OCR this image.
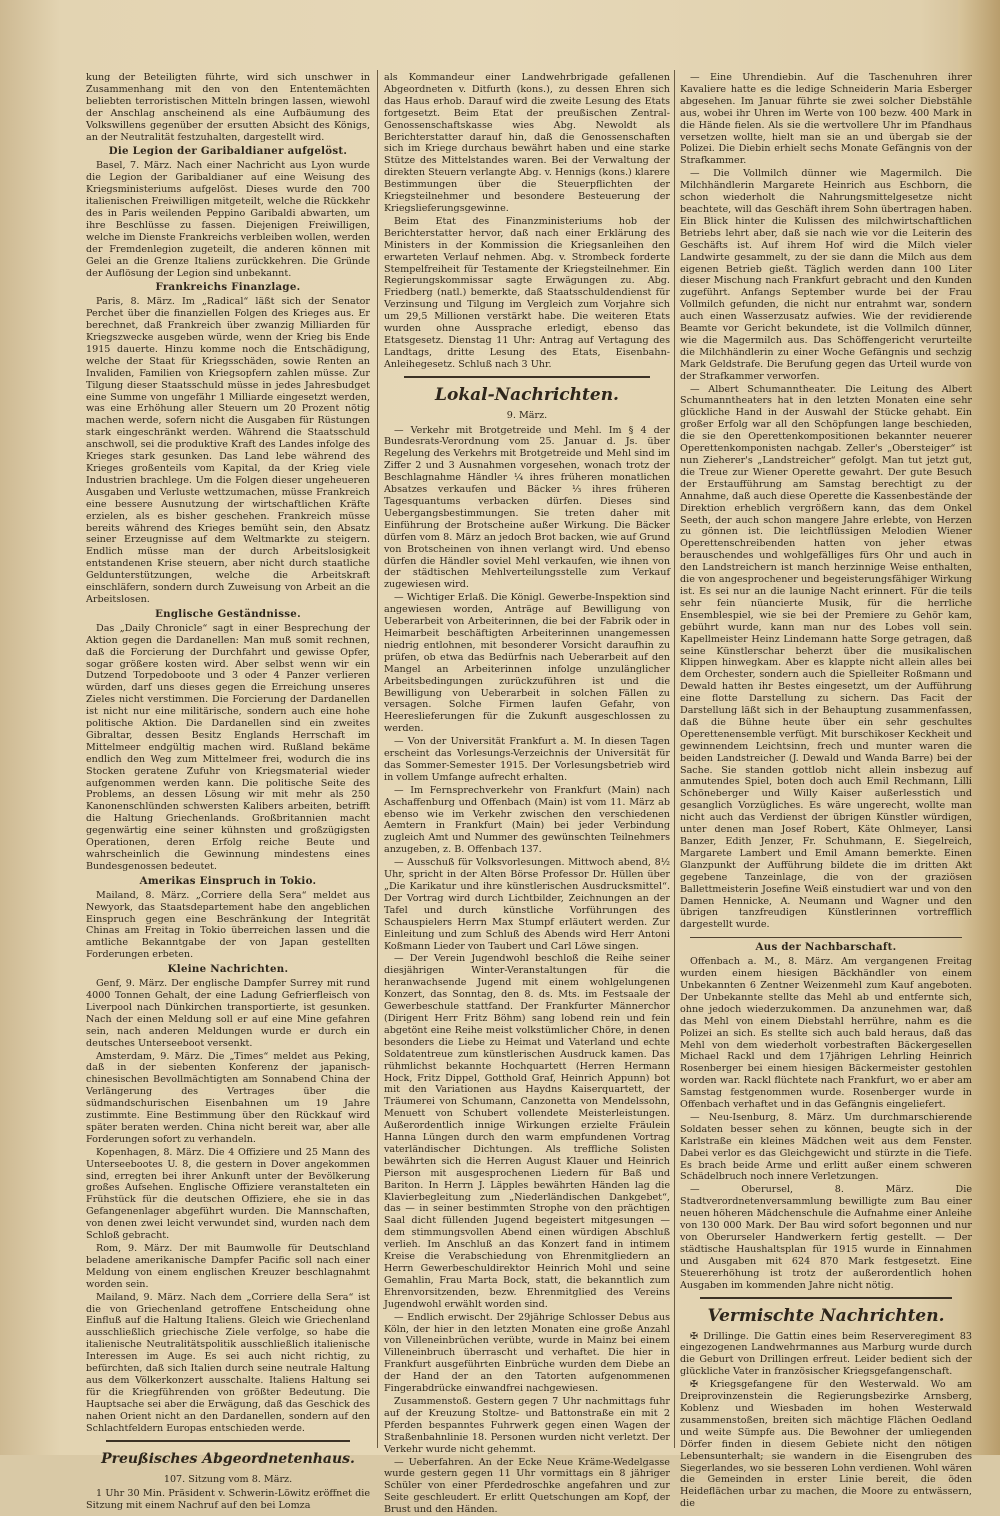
kung der Beteiligten führte, wird sich unschwer in Zusammenhang mit den von den Ententemächten beliebten terroristischen Mitteln bringen lassen, wiewohl der Anschlag anscheinend als eine Aufbäumung des Volkswillens gegenüber der ersutten Absicht des Königs, an der Neutralität festzuhalten, dargestellt wird.

Die Legion der Garibaldianer aufgelöst.

Basel, 7. März. Nach einer Nachricht aus Lyon wurde die Legion der Garibaldianer auf eine Weisung des Kriegsministeriums aufgelöst. Dieses wurde den 700 italienischen Freiwilligen mitgeteilt, welche die Rückkehr des in Paris weilenden Peppino Garibaldi abwarten, um ihre Beschlüsse zu fassen. Diejenigen Freiwilligen, welche im Dienste Frankreichs verbleiben wollen, werden der Fremdenlegion zugeteilt, die anderen können mit Gelei an die Grenze Italiens zurückkehren. Die Gründe der Auflösung der Legion sind unbekannt.

Frankreichs Finanzlage.

Paris, 8. März. Im „Radical“ läßt sich der Senator Perchet über die finanziellen Folgen des Krieges aus. Er berechnet, daß Frankreich über zwanzig Milliarden für Kriegszwecke ausgeben würde, wenn der Krieg bis Ende 1915 dauerte. Hinzu komme noch die Entschädigung, welche der Staat für Kriegsschäden, sowie Renten an Invaliden, Familien von Kriegsopfern zahlen müsse. Zur Tilgung dieser Staatsschuld müsse in jedes Jahresbudget eine Summe von ungefähr 1 Milliarde eingesetzt werden, was eine Erhöhung aller Steuern um 20 Prozent nötig machen werde, sofern nicht die Ausgaben für Rüstungen stark eingeschränkt werden. Während die Staatsschuld anschwoll, sei die produktive Kraft des Landes infolge des Krieges stark gesunken. Das Land lebe während des Krieges großenteils vom Kapital, da der Krieg viele Industrien brachlege. Um die Folgen dieser ungeheueren Ausgaben und Verluste wettzumachen, müsse Frankreich eine bessere Ausnutzung der wirtschaftlichen Kräfte erzielen, als es bisher geschehen. Frankreich müsse bereits während des Krieges bemüht sein, den Absatz seiner Erzeugnisse auf dem Weltmarkte zu steigern. Endlich müsse man der durch Arbeitslosigkeit entstandenen Krise steuern, aber nicht durch staatliche Geldunterstützungen, welche die Arbeitskraft einschläfern, sondern durch Zuweisung von Arbeit an die Arbeitslosen.

Englische Geständnisse.

Das „Daily Chronicle“ sagt in einer Besprechung der Aktion gegen die Dardanellen: Man muß somit rechnen, daß die Forcierung der Durchfahrt und gewisse Opfer, sogar größere kosten wird. Aber selbst wenn wir ein Dutzend Torpedoboote und 3 oder 4 Panzer verlieren würden, darf uns dieses gegen die Erreichung unseres Zieles nicht verstimmen. Die Forcierung der Dardanellen ist nicht nur eine militärische, sondern auch eine hohe politische Aktion. Die Dardanellen sind ein zweites Gibraltar, dessen Besitz Englands Herrschaft im Mittelmeer endgültig machen wird. Rußland bekäme endlich den Weg zum Mittelmeer frei, wodurch die ins Stocken geratene Zufuhr von Kriegsmaterial wieder aufgenommen werden kann. Die politische Seite des Problems, an dessen Lösung wir mit mehr als 250 Kanonenschlünden schwersten Kalibers arbeiten, betrifft die Haltung Griechenlands. Großbritannien macht gegenwärtig eine seiner kühnsten und großzügigsten Operationen, deren Erfolg reiche Beute und wahrscheinlich die Gewinnung mindestens eines Bundesgenossen bedeutet.

Amerikas Einspruch in Tokio.

Mailand, 8. März. „Corriere della Sera“ meldet aus Newyork, das Staatsdepartement habe den angeblichen Einspruch gegen eine Beschränkung der Integrität Chinas am Freitag in Tokio überreichen lassen und die amtliche Bekanntgabe der von Japan gestellten Forderungen erbeten.

Kleine Nachrichten.

Genf, 9. März. Der englische Dampfer Surrey mit rund 4000 Tonnen Gehalt, der eine Ladung Gefrierfleisch von Liverpool nach Dünkirchen transportierte, ist gesunken. Nach der einen Meldung soll er auf eine Mine gefahren sein, nach anderen Meldungen wurde er durch ein deutsches Unterseeboot versenkt.

Amsterdam, 9. März. Die „Times“ meldet aus Peking, daß in der siebenten Konferenz der japanisch-chinesischen Bevollmächtigten am Sonnabend China der Verlängerung des Vertrages über die südmandschurischen Eisenbahnen um 19 Jahre zustimmte. Eine Bestimmung über den Rückkauf wird später beraten werden. China nicht bereit war, aber alle Forderungen sofort zu verhandeln.

Kopenhagen, 8. März. Die 4 Offiziere und 25 Mann des Unterseebootes U. 8, die gestern in Dover angekommen sind, erregten bei ihrer Ankunft unter der Bevölkerung großes Aufsehen. Englische Offiziere veranstalteten ein Frühstück für die deutschen Offiziere, ehe sie in das Gefangenenlager abgeführt wurden. Die Mannschaften, von denen zwei leicht verwundet sind, wurden nach dem Schloß gebracht.

Rom, 9. März. Der mit Baumwolle für Deutschland beladene amerikanische Dampfer Pacific soll nach einer Meldung von einem englischen Kreuzer beschlagnahmt worden sein.

Mailand, 9. März. Nach dem „Corriere della Sera“ ist die von Griechenland getroffene Entscheidung ohne Einfluß auf die Haltung Italiens. Gleich wie Griechenland ausschließlich griechische Ziele verfolge, so habe die italienische Neutralitätspolitik ausschließlich italienische Interessen im Auge. Es sei auch nicht richtig, zu befürchten, daß sich Italien durch seine neutrale Haltung aus dem Völkerkonzert ausschalte. Italiens Haltung sei für die Kriegführenden von größter Bedeutung. Die Hauptsache sei aber die Erwägung, daß das Geschick des nahen Orient nicht an den Dardanellen, sondern auf den Schlachtfeldern Europas entschieden werde.

Preußisches Abgeordnetenhaus.
107. Sitzung vom 8. März.

1 Uhr 30 Min. Präsident v. Schwerin-Löwitz eröffnet die Sitzung mit einem Nachruf auf den bei Lomza

als Kommandeur einer Landwehrbrigade gefallenen Abgeordneten v. Ditfurth (kons.), zu dessen Ehren sich das Haus erhob. Darauf wird die zweite Lesung des Etats fortgesetzt. Beim Etat der preußischen Zentral-Genossenschaftskasse wies Abg. Newoldt als Berichterstatter darauf hin, daß die Genossenschaften sich im Kriege durchaus bewährt haben und eine starke Stütze des Mittelstandes waren. Bei der Verwaltung der direkten Steuern verlangte Abg. v. Hennigs (kons.) klarere Bestimmungen über die Steuerpflichten der Kriegsteilnehmer und besondere Besteuerung der Kriegslieferungsgewinne.

Beim Etat des Finanzministeriums hob der Berichterstatter hervor, daß nach einer Erklärung des Ministers in der Kommission die Kriegsanleihen den erwarteten Verlauf nehmen. Abg. v. Strombeck forderte Stempelfreiheit für Testamente der Kriegsteilnehmer. Ein Regierungskommissar sagte Erwägungen zu. Abg. Friedberg (natl.) bemerkte, daß Staatsschuldendienst für Verzinsung und Tilgung im Vergleich zum Vorjahre sich um 29,5 Millionen verstärkt habe. Die weiteren Etats wurden ohne Aussprache erledigt, ebenso das Etatsgesetz. Dienstag 11 Uhr: Antrag auf Vertagung des Landtags, dritte Lesung des Etats, Eisenbahn-Anleihegesetz. Schluß nach 3 Uhr.

Lokal-Nachrichten.
9. März.

— Verkehr mit Brotgetreide und Mehl. Im § 4 der Bundesrats-Verordnung vom 25. Januar d. Js. über Regelung des Verkehrs mit Brotgetreide und Mehl sind im Ziffer 2 und 3 Ausnahmen vorgesehen, wonach trotz der Beschlagnahme Händler ¼ ihres früheren monatlichen Absatzes verkaufen und Bäcker ⅓ ihres früheren Tagesquantums verbacken dürfen. Dieses sind Uebergangsbestimmungen. Sie treten daher mit Einführung der Brotscheine außer Wirkung. Die Bäcker dürfen vom 8. März an jedoch Brot backen, wie auf Grund von Brotscheinen von ihnen verlangt wird. Und ebenso dürfen die Händler soviel Mehl verkaufen, wie ihnen von der städtischen Mehlverteilungsstelle zum Verkauf zugewiesen wird.

— Wichtiger Erlaß. Die Königl. Gewerbe-Inspektion sind angewiesen worden, Anträge auf Bewilligung von Ueberarbeit von Arbeiterinnen, die bei der Fabrik oder in Heimarbeit beschäftigten Arbeiterinnen unangemessen niedrig entlohnen, mit besonderer Vorsicht daraufhin zu prüfen, ob etwa das Bedürfnis nach Ueberarbeit auf den Mangel an Arbeiterinnen infolge unzulänglicher Arbeitsbedingungen zurückzuführen ist und die Bewilligung von Ueberarbeit in solchen Fällen zu versagen. Solche Firmen laufen Gefahr, von Heereslieferungen für die Zukunft ausgeschlossen zu werden.

— Von der Universität Frankfurt a. M. In diesen Tagen erscheint das Vorlesungs-Verzeichnis der Universität für das Sommer-Semester 1915. Der Vorlesungsbetrieb wird in vollem Umfange aufrecht erhalten.

— Im Fernsprechverkehr von Frankfurt (Main) nach Aschaffenburg und Offenbach (Main) ist vom 11. März ab ebenso wie im Verkehr zwischen den verschiedenen Aemtern in Frankfurt (Main) bei jeder Verbindung zugleich Amt und Nummer des gewünschten Teilnehmers anzugeben, z. B. Offenbach 137.

— Ausschuß für Volksvorlesungen. Mittwoch abend, 8½ Uhr, spricht in der Alten Börse Professor Dr. Hüllen über „Die Karikatur und ihre künstlerischen Ausdrucksmittel“. Der Vortrag wird durch Lichtbilder, Zeichnungen an der Tafel und durch künstliche Vorführungen des Schauspielers Herrn Max Stumpf erläutert werden. Zur Einleitung und zum Schluß des Abends wird Herr Antoni Koßmann Lieder von Taubert und Carl Löwe singen.

— Der Verein Jugendwohl beschloß die Reihe seiner diesjährigen Winter-Veranstaltungen für die heranwachsende Jugend mit einem wohlgelungenen Konzert, das Sonntag, den 8. ds. Mts. im Festsaale der Gewerbeschule stattfand. Der Frankfurter Männerchor (Dirigent Herr Fritz Böhm) sang lobend rein und fein abgetönt eine Reihe meist volkstümlicher Chöre, in denen besonders die Liebe zu Heimat und Vaterland und echte Soldatentreue zum künstlerischen Ausdruck kamen. Das rühmlichst bekannte Hochquartett (Herren Hermann Hock, Fritz Dippel, Gotthold Graf, Heinrich Appunn) bot mit den Variationen aus Haydns Kaiserquartett, der Träumerei von Schumann, Canzonetta von Mendelssohn, Menuett von Schubert vollendete Meisterleistungen. Außerordentlich innige Wirkungen erzielte Fräulein Hanna Lüngen durch den warm empfundenen Vortrag vaterländischer Dichtungen. Als treffliche Solisten bewährten sich die Herren August Klauer und Heinrich Pierson mit ausgesprochenen Liedern für Baß und Bariton. In Herrn J. Läpples bewährten Händen lag die Klavierbegleitung zum „Niederländischen Dankgebet“, das — in seiner bestimmten Strophe von den prächtigen Saal dicht füllenden Jugend begeistert mitgesungen — dem stimmungsvollen Abend einen würdigen Abschluß verlieh. Im Anschluß an das Konzert fand in intimem Kreise die Verabschiedung von Ehrenmitgliedern an Herrn Gewerbeschuldirektor Heinrich Mohl und seine Gemahlin, Frau Marta Bock, statt, die bekanntlich zum Ehrenvorsitzenden, bezw. Ehrenmitglied des Vereins Jugendwohl erwählt worden sind.

— Endlich erwischt. Der 29jährige Schlosser Debus aus Köln, der hier in den letzten Monaten eine große Anzahl von Villeneinbrüchen verübte, wurde in Mainz bei einem Villeneinbruch überrascht und verhaftet. Die hier in Frankfurt ausgeführten Einbrüche wurden dem Diebe an der Hand der an den Tatorten aufgenommenen Fingerabdrücke einwandfrei nachgewiesen.

Zusammenstoß. Gestern gegen 7 Uhr nachmittags fuhr auf der Kreuzung Stoltze- und Battonstraße ein mit 2 Pferden bespanntes Fuhrwerk gegen einen Wagen der Straßenbahnlinie 18. Personen wurden nicht verletzt. Der Verkehr wurde nicht gehemmt.

— Ueberfahren. An der Ecke Neue Kräme-Wedelgasse wurde gestern gegen 11 Uhr vormittags ein 8 jähriger Schüler von einer Pferdedroschke angefahren und zur Seite geschleudert. Er erlitt Quetschungen am Kopf, der Brust und den Händen.

— Eine Uhrendiebin. Auf die Taschenuhren ihrer Kavaliere hatte es die ledige Schneiderin Maria Esberger abgesehen. Im Januar führte sie zwei solcher Diebstähle aus, wobei ihr Uhren im Werte von 100 bezw. 400 Mark in die Hände fielen. Als sie die wertvollere Uhr im Pfandhaus versetzen wollte, hielt man sie an und übergab sie der Polizei. Die Diebin erhielt sechs Monate Gefängnis von der Strafkammer.

— Die Vollmilch dünner wie Magermilch. Die Milchhändlerin Margarete Heinrich aus Eschborn, die schon wiederholt die Nahrungsmittelgesetze nicht beachtete, will das Geschäft ihrem Sohn übertragen haben. Ein Blick hinter die Kulissen des milchwirtschaftlichen Betriebs lehrt aber, daß sie nach wie vor die Leiterin des Geschäfts ist. Auf ihrem Hof wird die Milch vieler Landwirte gesammelt, zu der sie dann die Milch aus dem eigenen Betrieb gießt. Täglich werden dann 100 Liter dieser Mischung nach Frankfurt gebracht und den Kunden zugeführt. Anfangs September wurde bei der Frau Vollmilch gefunden, die nicht nur entrahmt war, sondern auch einen Wasserzusatz aufwies. Wie der revidierende Beamte vor Gericht bekundete, ist die Vollmilch dünner, wie die Magermilch aus. Das Schöffengericht verurteilte die Milchhändlerin zu einer Woche Gefängnis und sechzig Mark Geldstrafe. Die Berufung gegen das Urteil wurde von der Strafkammer verworfen.

— Albert Schumanntheater. Die Leitung des Albert Schumanntheaters hat in den letzten Monaten eine sehr glückliche Hand in der Auswahl der Stücke gehabt. Ein großer Erfolg war all den Schöpfungen lange beschieden, die sie den Operettenkompositionen bekannter neuerer Operettenkomponisten nachgab. Zeller's „Obersteiger“ ist nun Zieherer's „Landstreicher“ gefolgt. Man tut jetzt gut, die Treue zur Wiener Operette gewahrt. Der gute Besuch der Erstaufführung am Samstag berechtigt zu der Annahme, daß auch diese Operette die Kassenbestände der Direktion erheblich vergrößern kann, das dem Onkel Seeth, der auch schon mangere Jahre erlebte, von Herzen zu gönnen ist. Die leichtflüssigen Melodien Wiener Operettenschreibenden hatten von jeher etwas berauschendes und wohlgefälliges fürs Ohr und auch in den Landstreichern ist manch herzinnige Weise enthalten, die von angesprochener und begeisterungsfähiger Wirkung ist. Es sei nur an die launige Nacht erinnert. Für die teils sehr fein nüancierte Musik, für die herrliche Ensemblespiel, wie sie bei der Premiere zu Gehör kam, gebührt wurde, kann man nur des Lobes voll sein. Kapellmeister Heinz Lindemann hatte Sorge getragen, daß seine Künstlerschar beherzt über die musikalischen Klippen hinwegkam. Aber es klappte nicht allein alles bei dem Orchester, sondern auch die Spielleiter Roßmann und Dewald hatten ihr Bestes eingesetzt, um der Aufführung eine flotte Darstellung zu sichern. Das Facit der Darstellung läßt sich in der Behauptung zusammenfassen, daß die Bühne heute über ein sehr geschultes Operettenensemble verfügt. Mit burschikoser Keckheit und gewinnendem Leichtsinn, frech und munter waren die beiden Landstreicher (J. Dewald und Wanda Barre) bei der Sache. Sie standen gottlob nicht allein insbezug auf anmutendes Spiel, boten doch auch Emil Rechmann, Lilli Schöneberger und Willy Kaiser außerlesstich und gesanglich Vorzügliches. Es wäre ungerecht, wollte man nicht auch das Verdienst der übrigen Künstler würdigen, unter denen man Josef Robert, Käte Ohlmeyer, Lansi Banzer, Edith Jenzer, Fr. Schuhmann, E. Siegelreich, Margarete Lambert und Emil Amann bemerkte. Einen Glanzpunkt der Aufführung bildete die im dritten Akt gegebene Tanzeinlage, die von der graziösen Ballettmeisterin Josefine Weiß einstudiert war und von den Damen Hennicke, A. Neumann und Wagner und den übrigen tanzfreudigen Künstlerinnen vortrefflich dargestellt wurde.

Aus der Nachbarschaft.

Offenbach a. M., 8. März. Am vergangenen Freitag wurden einem hiesigen Bäckhändler von einem Unbekannten 6 Zentner Weizenmehl zum Kauf angeboten. Der Unbekannte stellte das Mehl ab und entfernte sich, ohne jedoch wiederzukommen. Da anzunehmen war, daß das Mehl von einem Diebstahl herrühre, nahm es die Polizei an sich. Es stellte sich auch bald heraus, daß das Mehl von dem wiederholt vorbestraften Bäckergesellen Michael Rackl und dem 17jährigen Lehrling Heinrich Rosenberger bei einem hiesigen Bäckermeister gestohlen worden war. Rackl flüchtete nach Frankfurt, wo er aber am Samstag festgenommen wurde. Rosenberger wurde in Offenbach verhaftet und in das Gefängnis eingeliefert.

— Neu-Isenburg, 8. März. Um durchmarschierende Soldaten besser sehen zu können, beugte sich in der Karlstraße ein kleines Mädchen weit aus dem Fenster. Dabei verlor es das Gleichgewicht und stürzte in die Tiefe. Es brach beide Arme und erlitt außer einem schweren Schädelbruch noch innere Verletzungen.

— Oberursel, 8. März. Die Stadtverordnetenversammlung bewilligte zum Bau einer neuen höheren Mädchenschule die Aufnahme einer Anleihe von 130 000 Mark. Der Bau wird sofort begonnen und nur von Oberurseler Handwerkern fertig gestellt. — Der städtische Haushaltsplan für 1915 wurde in Einnahmen und Ausgaben mit 624 870 Mark festgesetzt. Eine Steuererhöhung ist trotz der außerordentlich hohen Ausgaben im kommenden Jahre nicht nötig.

Vermischte Nachrichten.

✠ Drillinge. Die Gattin eines beim Reserveregiment 83 eingezogenen Landwehrmannes aus Marburg wurde durch die Geburt von Drillingen erfreut. Leider bedient sich der glückliche Vater in französischer Kriegsgefangenschaft.

✠ Kriegsgefangene für den Westerwald. Wo am Dreiprovinzenstein die Regierungsbezirke Arnsberg, Koblenz und Wiesbaden im hohen Westerwald zusammenstoßen, breiten sich mächtige Flächen Oedland und weite Sümpfe aus. Die Bewohner der umliegenden Dörfer finden in diesem Gebiete nicht den nötigen Lebensunterhalt; sie wandern in die Eisengruben des Siegerlandes, wo sie besseren Lohn verdienen. Wohl wären die Gemeinden in erster Linie bereit, die öden Heideflächen urbar zu machen, die Moore zu entwässern, die
